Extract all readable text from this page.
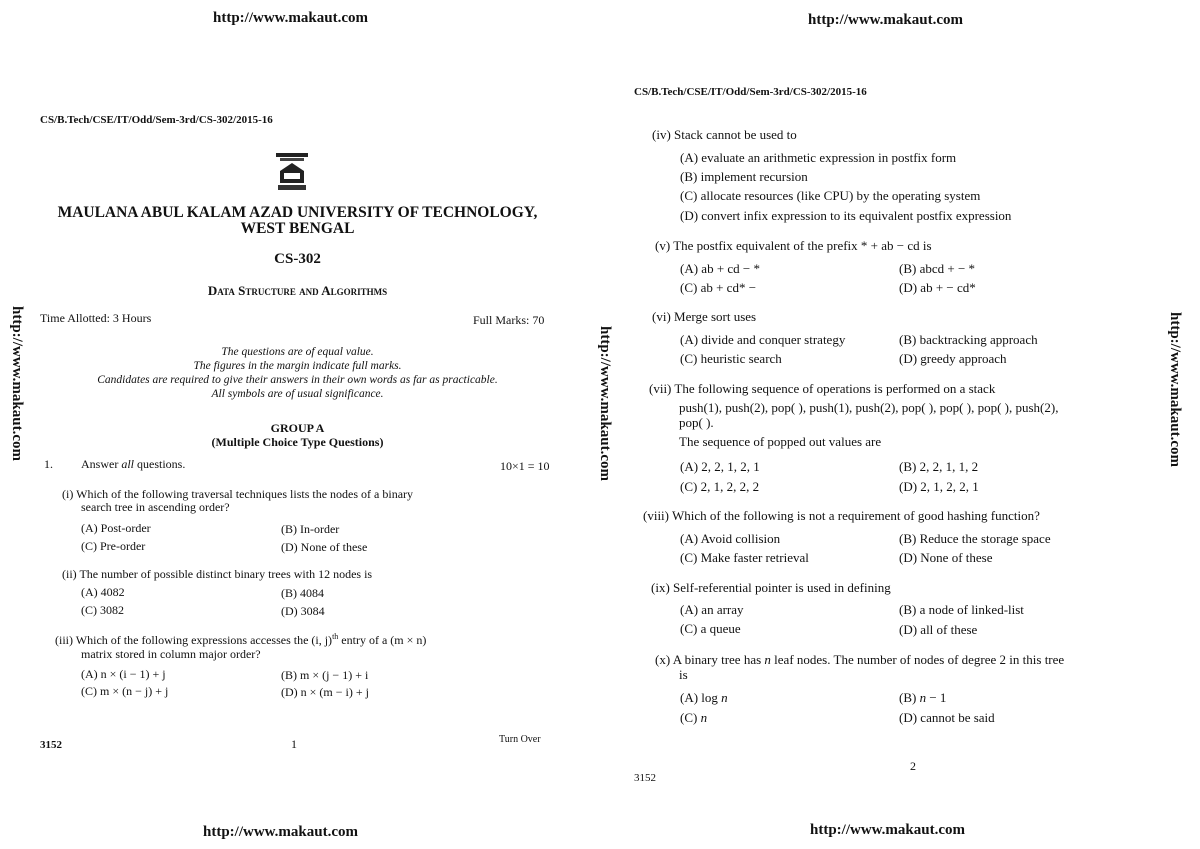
http://www.makaut.com	http://www.makaut.com
http://www.makaut.com	http://www.makaut.com
http://www.makaut.com	http://www.makaut.com	http://www.makaut.com
CS/B.Tech/CSE/IT/Odd/Sem-3rd/CS-302/2015-16
MAULANA ABUL KALAM AZAD UNIVERSITY OF TECHNOLOGY,
WEST BENGAL
CS-302
Data Structure and Algorithms
Time Allotted: 3 Hours	Full Marks: 70
The questions are of equal value.
The figures in the margin indicate full marks.
Candidates are required to give their answers in their own words as far as practicable.
All symbols are of usual significance.
GROUP A
(Multiple Choice Type Questions)
1. Answer all questions.	10×1 = 10
(i) Which of the following traversal techniques lists the nodes of a binary
search tree in ascending order?
(A) Post-order	(B) In-order
(C) Pre-order	(D) None of these
(ii) The number of possible distinct binary trees with 12 nodes is
(A) 4082	(B) 4084
(C) 3082	(D) 3084
(iii) Which of the following expressions accesses the (i, j)$^{th}$ entry of a (m × n)
matrix stored in column major order?
(A) n × (i − 1) + j	(B) m × (j − 1) + i
(C) m × (n − j) + j	(D) n × (m − i) + j
3152	1	Turn Over
CS/B.Tech/CSE/IT/Odd/Sem-3rd/CS-302/2015-16
(iv) Stack cannot be used to
(A) evaluate an arithmetic expression in postfix form
(B) implement recursion
(C) allocate resources (like CPU) by the operating system
(D) convert infix expression to its equivalent postfix expression
(v) The postfix equivalent of the prefix * + ab − cd is
(A) ab + cd − *	(B) abcd + − *
(C) ab + cd* −	(D) ab + − cd*
(vi) Merge sort uses
(A) divide and conquer strategy	(B) backtracking approach
(C) heuristic search	(D) greedy approach
(vii) The following sequence of operations is performed on a stack
push(1), push(2), pop( ), push(1), push(2), pop( ), pop( ), pop( ), push(2),
pop( ).
The sequence of popped out values are
(A) 2, 2, 1, 2, 1	(B) 2, 2, 1, 1, 2
(C) 2, 1, 2, 2, 2	(D) 2, 1, 2, 2, 1
(viii) Which of the following is not a requirement of good hashing function?
(A) Avoid collision	(B) Reduce the storage space
(C) Make faster retrieval	(D) None of these
(ix) Self-referential pointer is used in defining
(A) an array	(B) a node of linked-list
(C) a queue	(D) all of these
(x) A binary tree has n leaf nodes. The number of nodes of degree 2 in this tree
is
(A) log n	(B) n − 1
(C) n	(D) cannot be said
2
3152
